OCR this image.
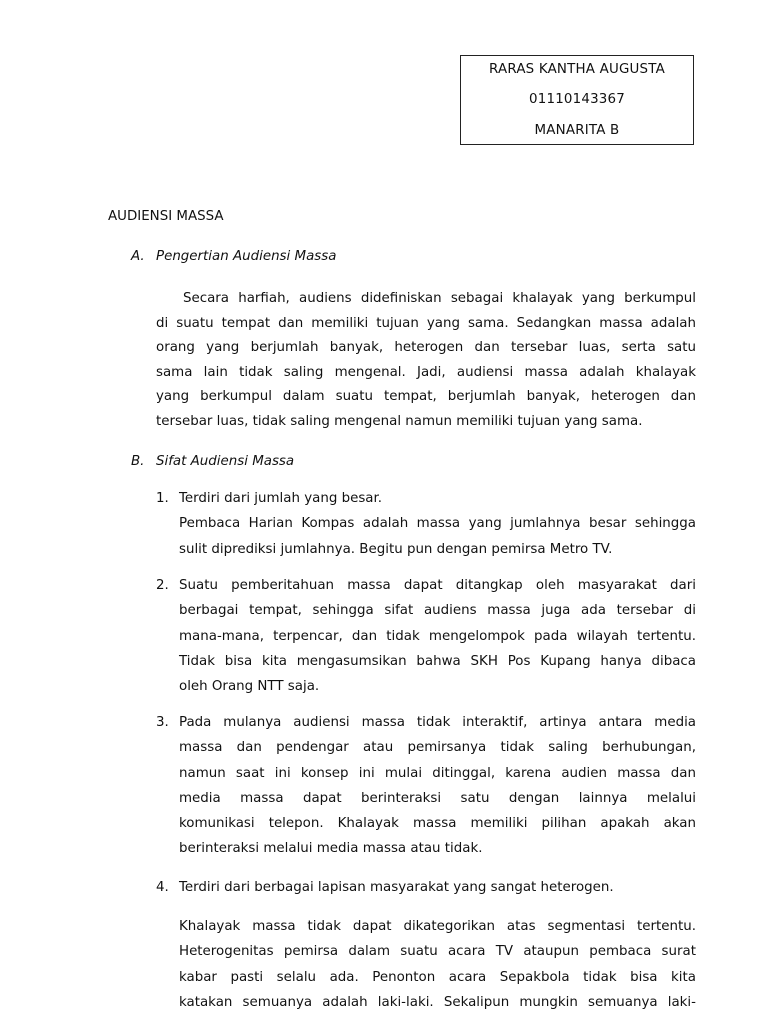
RARAS KANTHA AUGUSTA
01110143367
MANARITA B
AUDIENSI MASSA
A. Pengertian Audiensi Massa
Secara harfiah, audiens didefiniskan sebagai khalayak yang berkumpul
di suatu tempat dan memiliki tujuan yang sama. Sedangkan massa adalah
orang yang berjumlah banyak, heterogen dan tersebar luas, serta satu
sama lain tidak saling mengenal. Jadi, audiensi massa adalah khalayak
yang berkumpul dalam suatu tempat, berjumlah banyak, heterogen dan
tersebar luas, tidak saling mengenal namun memiliki tujuan yang sama.
B. Sifat Audiensi Massa
1. Terdiri dari jumlah yang besar.
Pembaca Harian Kompas adalah massa yang jumlahnya besar sehingga
sulit diprediksi jumlahnya. Begitu pun dengan pemirsa Metro TV.
2. Suatu pemberitahuan massa dapat ditangkap oleh masyarakat dari
berbagai tempat, sehingga sifat audiens massa juga ada tersebar di
mana-mana, terpencar, dan tidak mengelompok pada wilayah tertentu.
Tidak bisa kita mengasumsikan bahwa SKH Pos Kupang hanya dibaca
oleh Orang NTT saja.
3. Pada mulanya audiensi massa tidak interaktif, artinya antara media
massa dan pendengar atau pemirsanya tidak saling berhubungan,
namun saat ini konsep ini mulai ditinggal, karena audien massa dan
media massa dapat berinteraksi satu dengan lainnya melalui
komunikasi telepon. Khalayak massa memiliki pilihan apakah akan
berinteraksi melalui media massa atau tidak.
4. Terdiri dari berbagai lapisan masyarakat yang sangat heterogen.
Khalayak massa tidak dapat dikategorikan atas segmentasi tertentu.
Heterogenitas pemirsa dalam suatu acara TV ataupun pembaca surat
kabar pasti selalu ada. Penonton acara Sepakbola tidak bisa kita
katakan semuanya adalah laki-laki. Sekalipun mungkin semuanya laki-
